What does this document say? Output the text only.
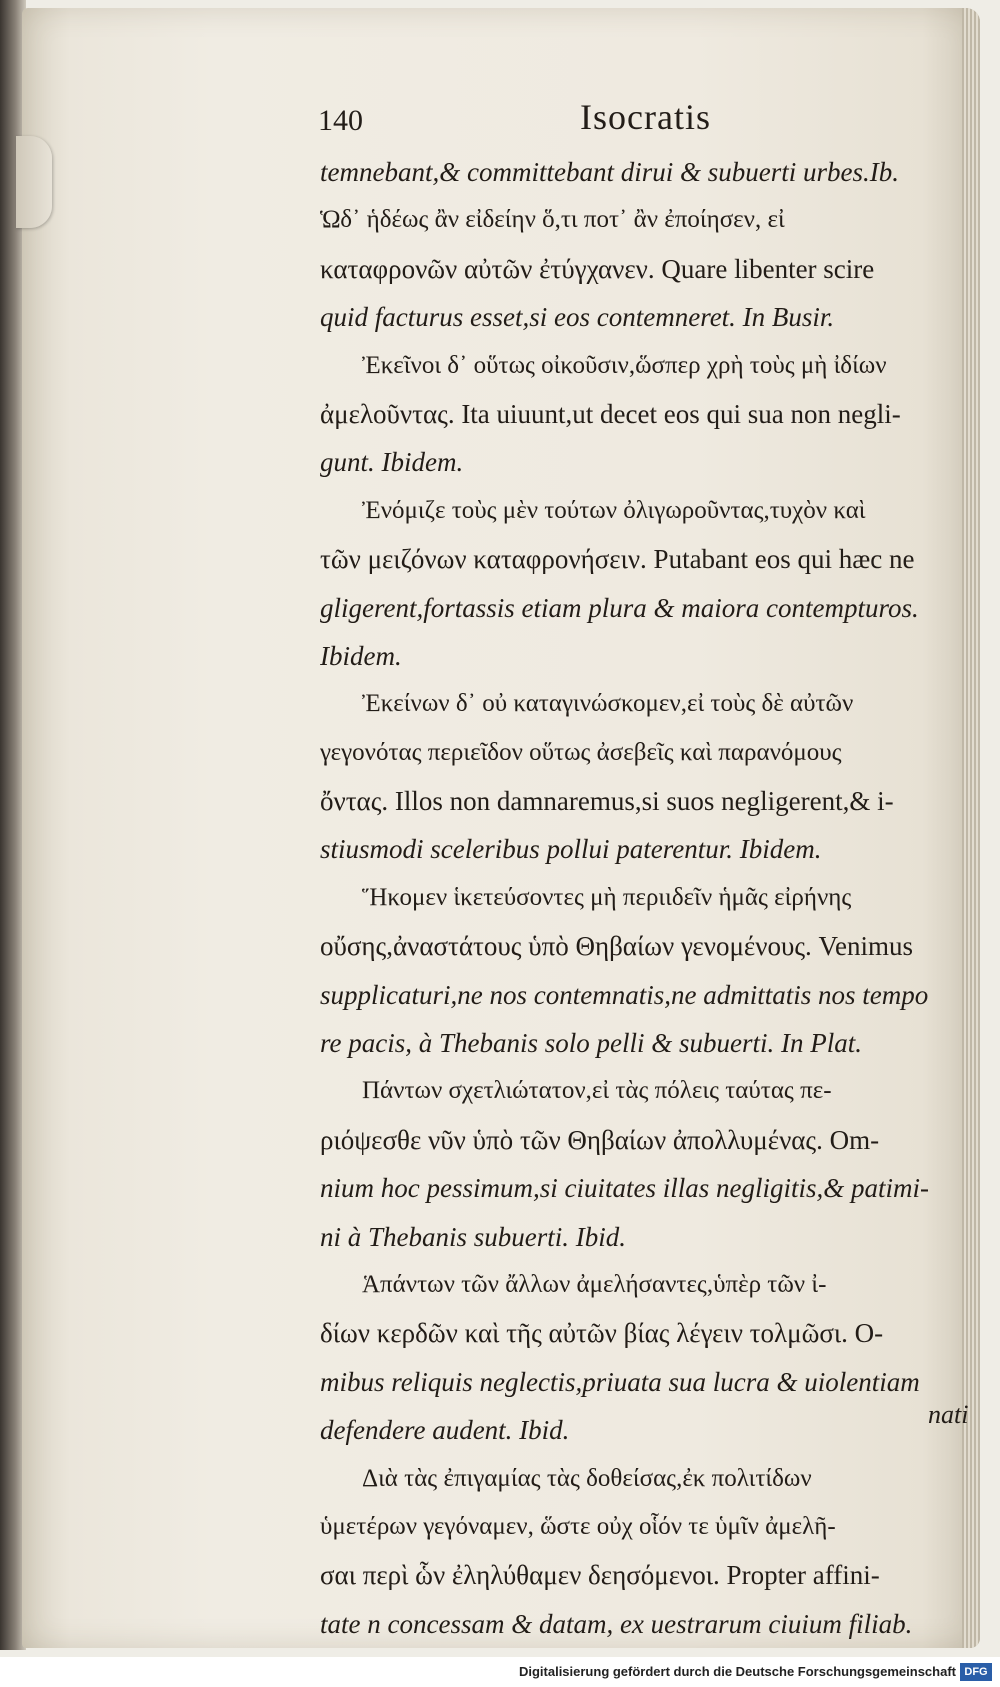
140	Isocratis
temnebant,& committebant dirui & subuerti urbes.Ib.
Ὡδ᾽ ἡδέως ἂν εἰδείην ὅ,τι ποτ᾽ ἂν ἐποίησεν, εἰ
καταφρονῶν αὐτῶν ἐτύγχανεν. Quare libenter scire
quid facturus esset,si eos contemneret. In Busir.
Ἐκεῖνοι δ᾽ οὕτως οἰκοῦσιν,ὥσπερ χρὴ τοὺς μὴ ἰδίων
ἀμελοῦντας. Ita uiuunt,ut decet eos qui sua non negli-
gunt. Ibidem.
Ἐνόμιζε τοὺς μὲν τούτων ὀλιγωροῦντας,τυχὸν καὶ
τῶν μειζόνων καταφρονήσειν. Putabant eos qui hæc ne
gligerent,fortassis etiam plura & maiora contempturos.
Ibidem.
Ἐκείνων δ᾽ οὐ καταγινώσκομεν,εἰ τοὺς δὲ αὐτῶν
γεγονότας περιεῖδον οὕτως ἀσεβεῖς καὶ παρανόμους
ὄντας. Illos non damnaremus,si suos negligerent,& i-
stiusmodi sceleribus pollui paterentur. Ibidem.
Ἥκομεν ἱκετεύσοντες μὴ περιιδεῖν ἡμᾶς εἰρήνης
οὔσης,ἀναστάτους ὑπὸ Θηβαίων γενομένους. Venimus
supplicaturi,ne nos contemnatis,ne admittatis nos tempo
re pacis, à Thebanis solo pelli & subuerti. In Plat.
Πάντων σχετλιώτατον,εἰ τὰς πόλεις ταύτας πε-
ριόψεσθε νῦν ὑπὸ τῶν Θηβαίων ἀπολλυμένας. Om-
nium hoc pessimum,si ciuitates illas negligitis,& patimi-
ni à Thebanis subuerti. Ibid.
Ἁπάντων τῶν ἄλλων ἀμελήσαντες,ὑπὲρ τῶν ἰ-
δίων κερδῶν καὶ τῆς αὐτῶν βίας λέγειν τολμῶσι. O-
mibus reliquis neglectis,priuata sua lucra & uiolentiam
defendere audent. Ibid.
Διὰ τὰς ἐπιγαμίας τὰς δοθείσας,ἐκ πολιτίδων
ὑμετέρων γεγόναμεν, ὥστε οὐχ οἷόν τε ὑμῖν ἀμελῆ-
σαι περὶ ὧν ἐληλύθαμεν δεησόμενοι. Propter affini-
tate n concessam & datam, ex uestrarum ciuium filiab.
nati
Digitalisierung gefördert durch die Deutsche Forschungsgemeinschaft DFG
